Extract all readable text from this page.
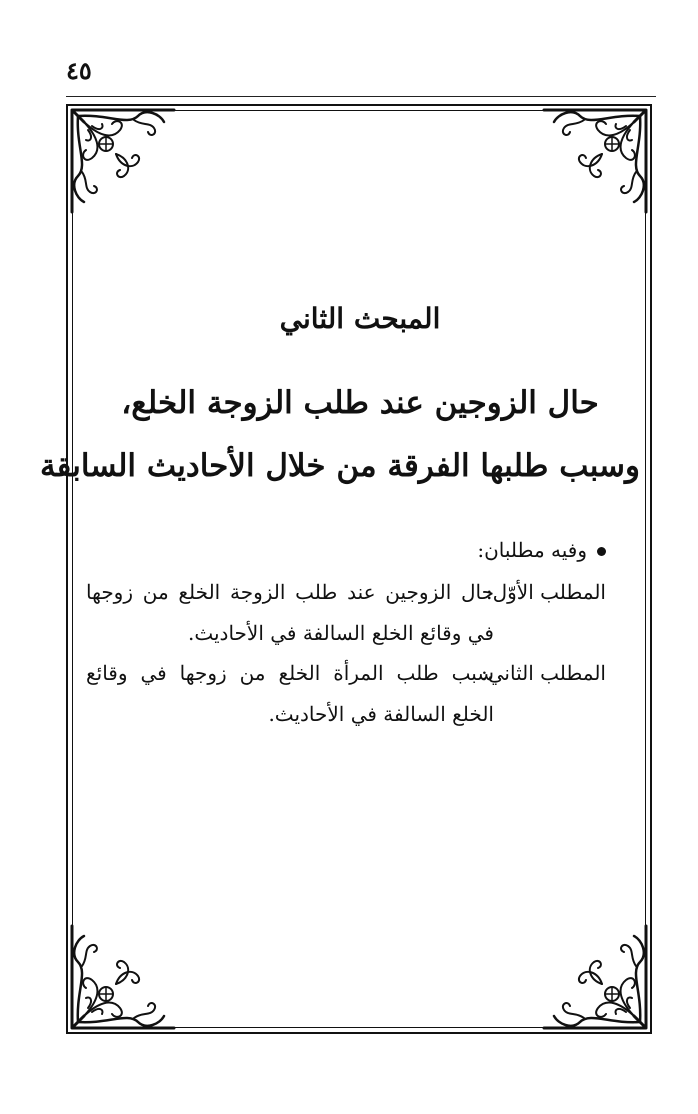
٤٥
المبحث الثاني
حال الزوجين عند طلب الزوجة الخلع،
وسبب طلبها الفرقة من خلال الأحاديث السابقة
وفيه مطلبان:
المطلب الأوّل:
حال الزوجين عند طلب الزوجة الخلع من زوجها في وقائع الخلع السالفة في الأحاديث.
المطلب الثاني:
سبب طلب المرأة الخلع من زوجها في وقائع الخلع السالفة في الأحاديث.
